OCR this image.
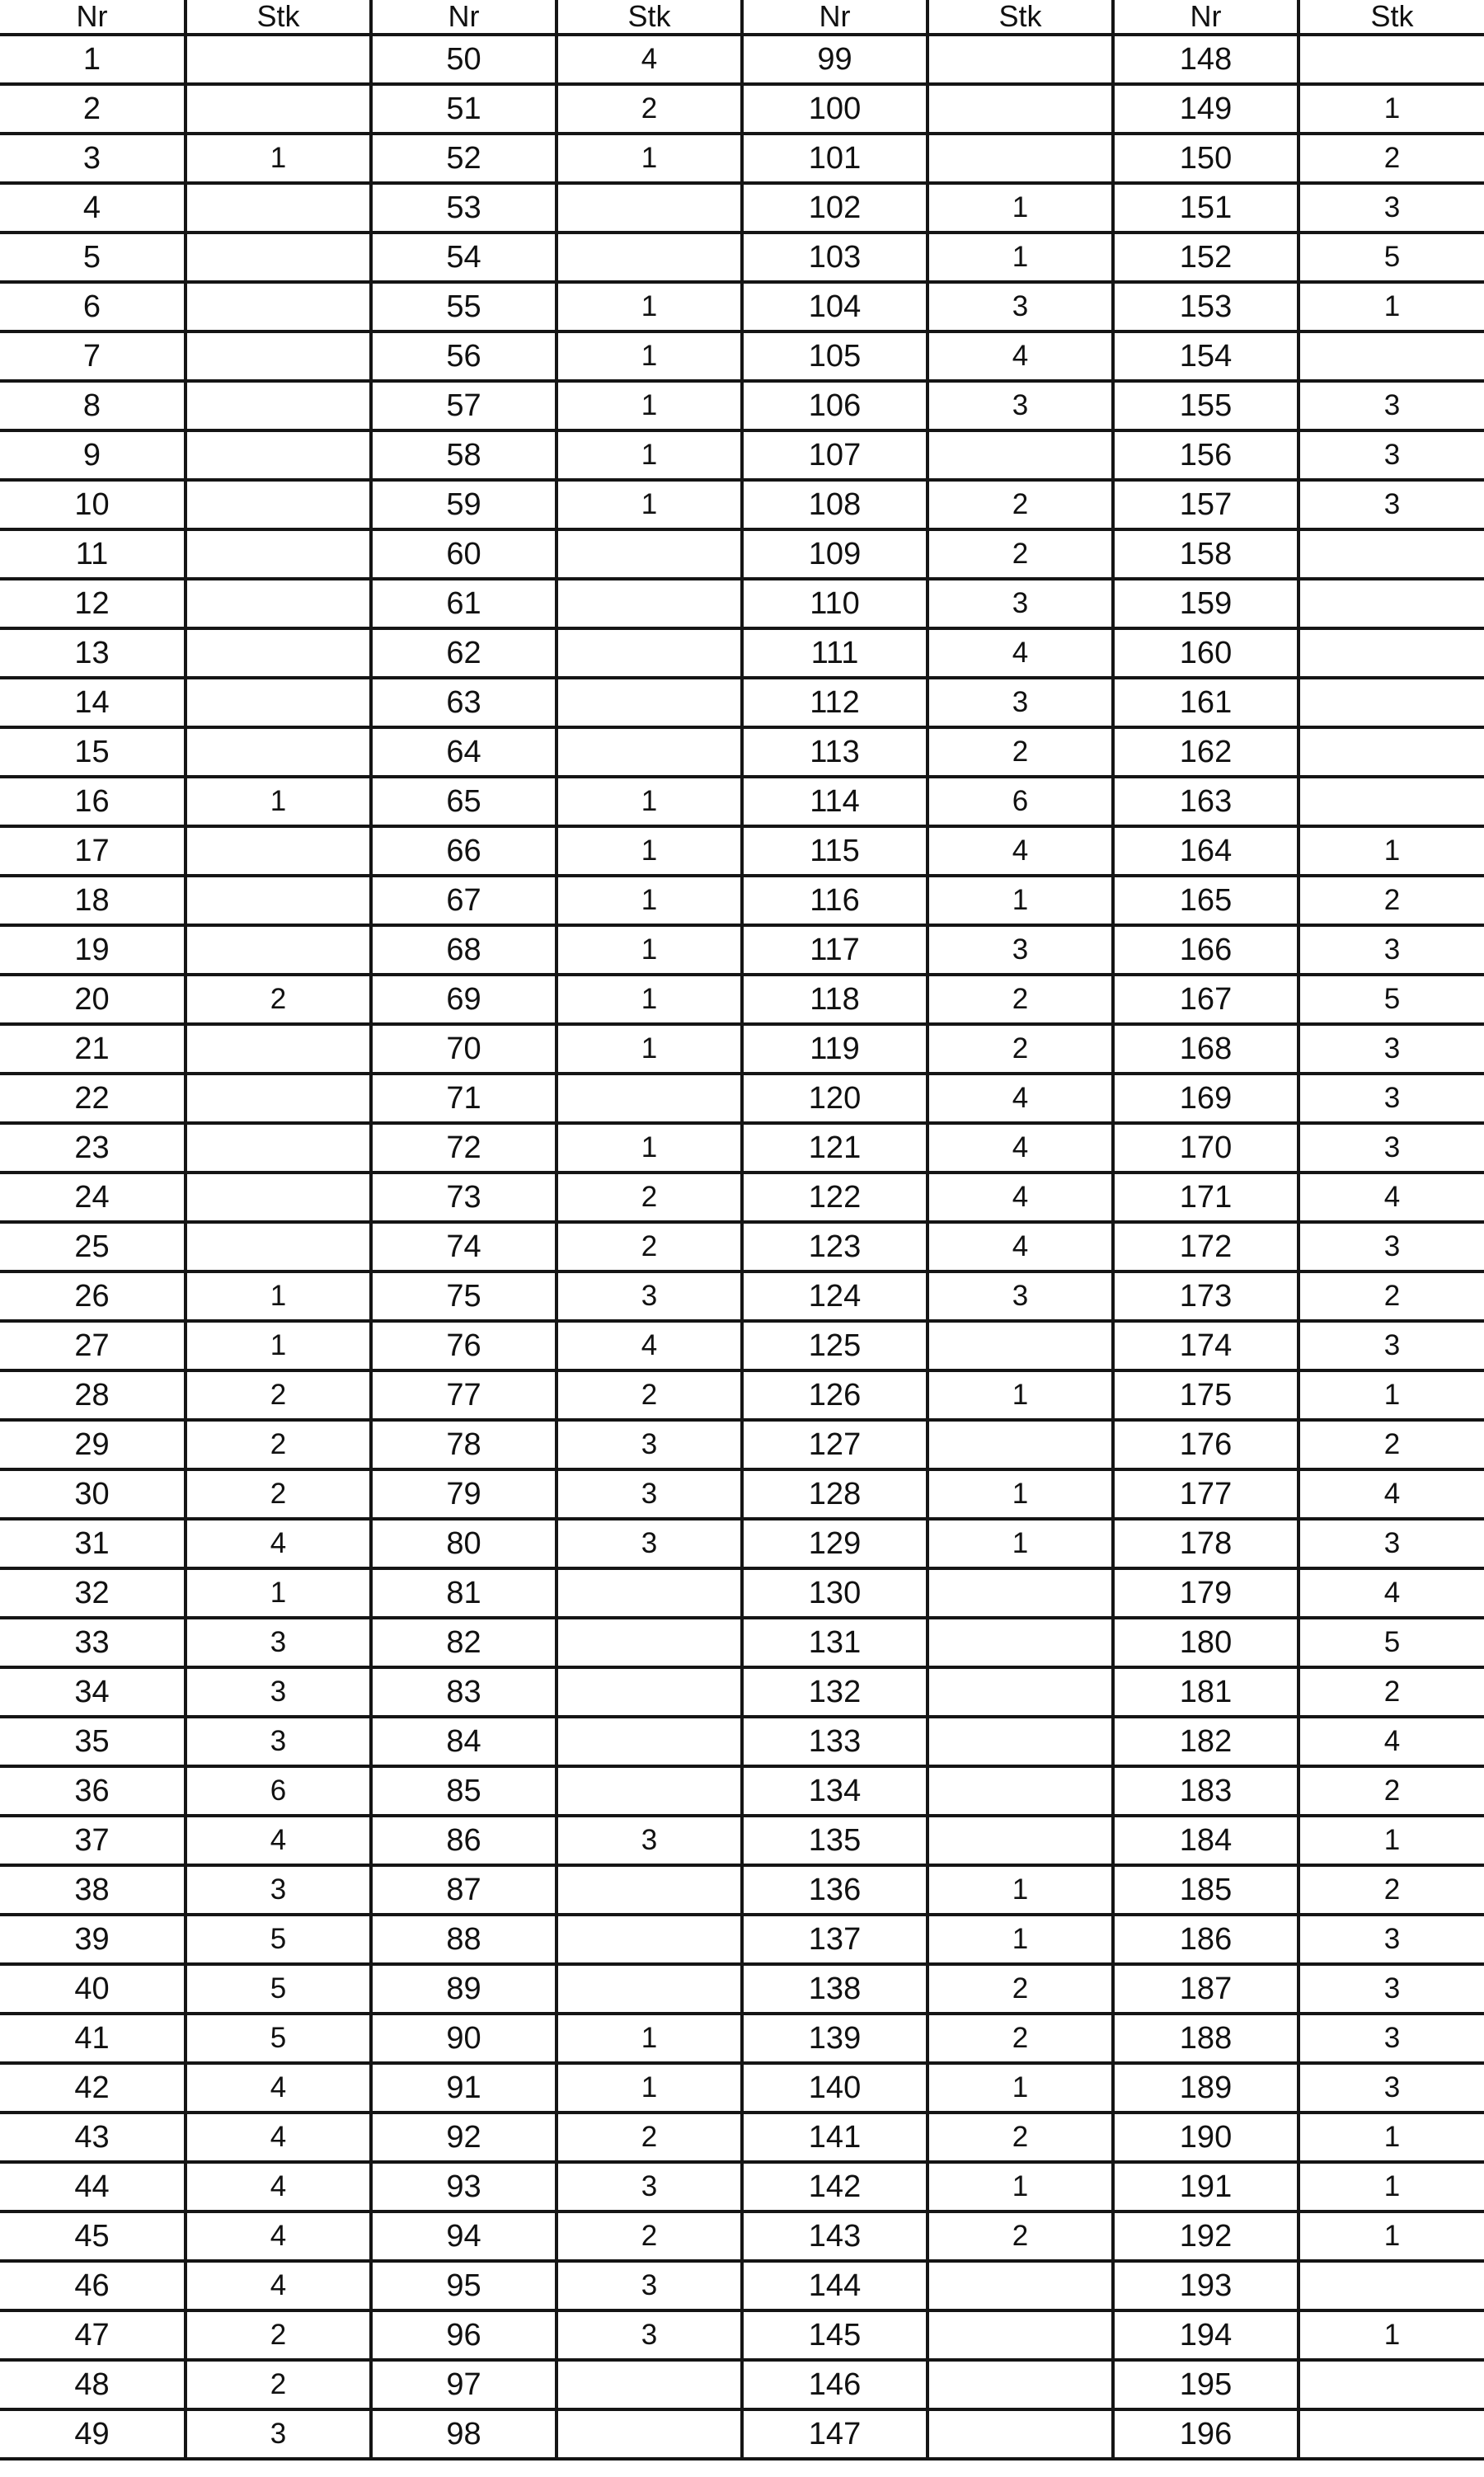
Nr	Stk	Nr	Stk	Nr	Stk	Nr	Stk
1		50	4	99		148	
2		51	2	100		149	1
3	1	52	1	101		150	2
4		53		102	1	151	3
5		54		103	1	152	5
6		55	1	104	3	153	1
7		56	1	105	4	154	
8		57	1	106	3	155	3
9		58	1	107		156	3
10		59	1	108	2	157	3
11		60		109	2	158	
12		61		110	3	159	
13		62		111	4	160	
14		63		112	3	161	
15		64		113	2	162	
16	1	65	1	114	6	163	
17		66	1	115	4	164	1
18		67	1	116	1	165	2
19		68	1	117	3	166	3
20	2	69	1	118	2	167	5
21		70	1	119	2	168	3
22		71		120	4	169	3
23		72	1	121	4	170	3
24		73	2	122	4	171	4
25		74	2	123	4	172	3
26	1	75	3	124	3	173	2
27	1	76	4	125		174	3
28	2	77	2	126	1	175	1
29	2	78	3	127		176	2
30	2	79	3	128	1	177	4
31	4	80	3	129	1	178	3
32	1	81		130		179	4
33	3	82		131		180	5
34	3	83		132		181	2
35	3	84		133		182	4
36	6	85		134		183	2
37	4	86	3	135		184	1
38	3	87		136	1	185	2
39	5	88		137	1	186	3
40	5	89		138	2	187	3
41	5	90	1	139	2	188	3
42	4	91	1	140	1	189	3
43	4	92	2	141	2	190	1
44	4	93	3	142	1	191	1
45	4	94	2	143	2	192	1
46	4	95	3	144		193	
47	2	96	3	145		194	1
48	2	97		146		195	
49	3	98		147		196	
